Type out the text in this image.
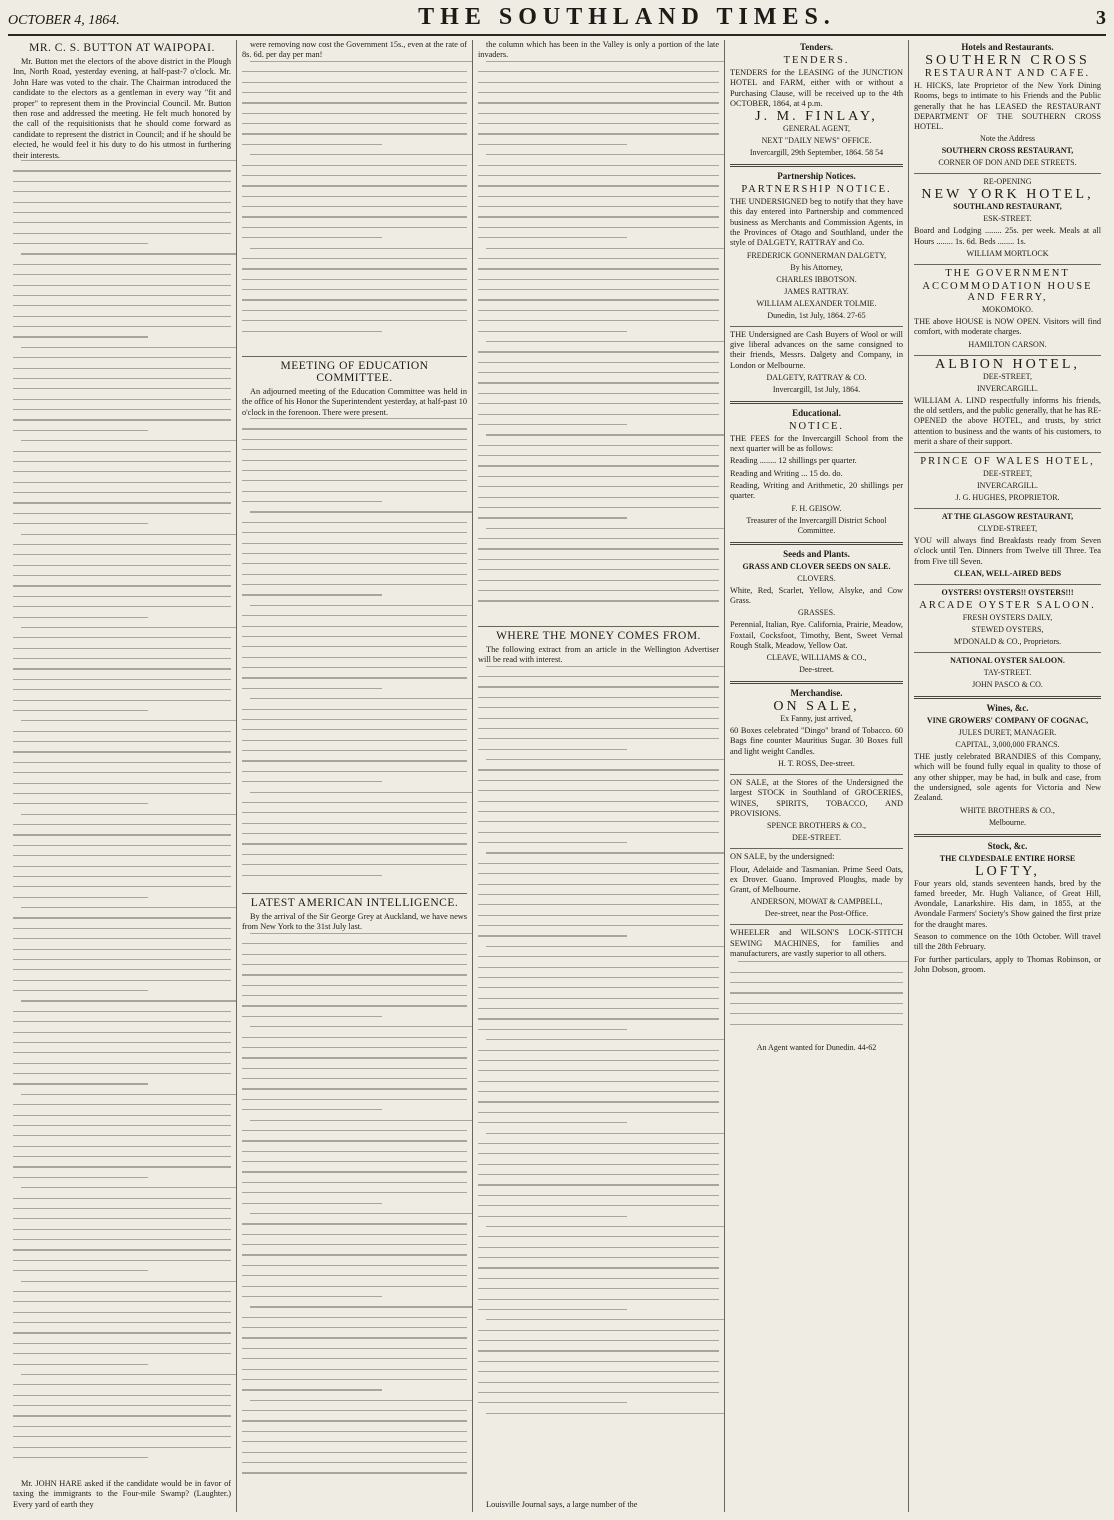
OCTOBER 4, 1864.	THE SOUTHLAND TIMES.	3
MR. C. S. BUTTON AT WAIPOPAI.

Mr. Button met the electors of the above district in the Plough Inn, North Road, yesterday evening, at half-past-7 o'clock. Mr. John Hare was voted to the chair. The Chairman introduced the candidate to the electors as a gentleman in every way "fit and proper" to represent them in the Provincial Council. Mr. Button then rose and addressed the meeting. He felt much honored by the call of the requisitionists that he should come forward as candidate to represent the district in Council; and if he should be elected, he would feel it his duty to do his utmost in furthering their interests.

Mr. JOHN HARE asked if the candidate would be in favor of taxing the immigrants to the Four-mile Swamp? (Laughter.) Every yard of earth they

were removing now cost the Government 15s., even at the rate of 8s. 6d. per day per man!

MEETING OF EDUCATION COMMITTEE.

An adjourned meeting of the Education Committee was held in the office of his Honor the Superintendent yesterday, at half-past 10 o'clock in the forenoon. There were present.

LATEST AMERICAN INTELLIGENCE.

By the arrival of the Sir George Grey at Auckland, we have news from New York to the 31st July last.

the column which has been in the Valley is only a portion of the late invaders.

WHERE THE MONEY COMES FROM.

The following extract from an article in the Wellington Advertiser will be read with interest.

Louisville Journal says, a large number of the

Tenders.
TENDERS.

TENDERS for the LEASING of the JUNCTION HOTEL and FARM, either with or without a Purchasing Clause, will be received up to the 4th OCTOBER, 1864, at 4 p.m.

J. M. FINLAY,
GENERAL AGENT,
NEXT "DAILY NEWS" OFFICE.
Invercargill, 29th September, 1864. 58 54
Partnership Notices.
PARTNERSHIP NOTICE.

THE UNDERSIGNED beg to notify that they have this day entered into Partnership and commenced business as Merchants and Commission Agents, in the Provinces of Otago and Southland, under the style of DALGETY, RATTRAY and Co.

FREDERICK GONNERMAN DALGETY,
By his Attorney,
CHARLES IBBOTSON.
JAMES RATTRAY.
WILLIAM ALEXANDER TOLMIE.
Dunedin, 1st July, 1864. 27-65

THE Undersigned are Cash Buyers of Wool or will give liberal advances on the same consigned to their friends, Messrs. Dalgety and Company, in London or Melbourne.

DALGETY, RATTRAY & CO.
Invercargill, 1st July, 1864.
Educational.
NOTICE.

THE FEES for the Invercargill School from the next quarter will be as follows:

Reading ........ 12 shillings per quarter.

Reading and Writing ... 15 do. do.

Reading, Writing and Arithmetic, 20 shillings per quarter.

F. H. GEISOW.
Treasurer of the Invercargill District School Committee.
Seeds and Plants.
GRASS AND CLOVER SEEDS ON SALE.
CLOVERS.

White, Red, Scarlet, Yellow, Alsyke, and Cow Grass.

GRASSES.

Perennial, Italian, Rye. California, Prairie, Meadow, Foxtail, Cocksfoot, Timothy, Bent, Sweet Vernal Rough Stalk, Meadow, Yellow Oat.

CLEAVE, WILLIAMS & CO.,
Dee-street.
Merchandise.
ON SALE,
Ex Fanny, just arrived,

60 Boxes celebrated "Dingo" brand of Tobacco. 60 Bags fine counter Mauritius Sugar. 30 Boxes full and light weight Candles.

H. T. ROSS, Dee-street.

ON SALE, at the Stores of the Undersigned the largest STOCK in Southland of GROCERIES, WINES, SPIRITS, TOBACCO, AND PROVISIONS.

SPENCE BROTHERS & CO.,
DEE-STREET.

ON SALE, by the undersigned:

Flour, Adelaide and Tasmanian. Prime Seed Oats, ex Drover. Guano. Improved Ploughs, made by Grant, of Melbourne.

ANDERSON, MOWAT & CAMPBELL,
Dee-street, near the Post-Office.

WHEELER and WILSON'S LOCK-STITCH SEWING MACHINES, for families and manufacturers, are vastly superior to all others.

An Agent wanted for Dunedin. 44-62
Hotels and Restaurants.
SOUTHERN CROSS
RESTAURANT AND CAFE.

H. HICKS, late Proprietor of the New York Dining Rooms, begs to intimate to his Friends and the Public generally that he has LEASED the RESTAURANT DEPARTMENT OF THE SOUTHERN CROSS HOTEL.

Note the Address
SOUTHERN CROSS RESTAURANT,
CORNER OF DON AND DEE STREETS.
RE-OPENING
NEW YORK HOTEL,
SOUTHLAND RESTAURANT,
ESK-STREET.

Board and Lodging ........ 25s. per week. Meals at all Hours ........ 1s. 6d. Beds ........ 1s.

WILLIAM MORTLOCK
THE GOVERNMENT
ACCOMMODATION HOUSE AND FERRY,
MOKOMOKO.

THE above HOUSE is NOW OPEN. Visitors will find comfort, with moderate charges.

HAMILTON CARSON.
ALBION HOTEL,
DEE-STREET,
INVERCARGILL.

WILLIAM A. LIND respectfully informs his friends, the old settlers, and the public generally, that he has RE-OPENED the above HOTEL, and trusts, by strict attention to business and the wants of his customers, to merit a share of their support.

PRINCE OF WALES HOTEL,
DEE-STREET,
INVERCARGILL.
J. G. HUGHES, PROPRIETOR.
AT THE GLASGOW RESTAURANT,
CLYDE-STREET,

YOU will always find Breakfasts ready from Seven o'clock until Ten. Dinners from Twelve till Three. Tea from Five till Seven.

CLEAN, WELL-AIRED BEDS
OYSTERS! OYSTERS!! OYSTERS!!!
ARCADE OYSTER SALOON.
FRESH OYSTERS DAILY,
STEWED OYSTERS,
M'DONALD & CO., Proprietors.
NATIONAL OYSTER SALOON.
TAY-STREET.
JOHN PASCO & CO.
Wines, &c.
VINE GROWERS' COMPANY OF COGNAC,
JULES DURET, MANAGER.
CAPITAL, 3,000,000 FRANCS.

THE justly celebrated BRANDIES of this Company, which will be found fully equal in quality to those of any other shipper, may be had, in bulk and case, from the undersigned, sole agents for Victoria and New Zealand.

WHITE BROTHERS & CO.,
Melbourne.
Stock, &c.
THE CLYDESDALE ENTIRE HORSE
LOFTY,

Four years old, stands seventeen hands, bred by the famed breeder, Mr. Hugh Valiance, of Great Hill, Avondale, Lanarkshire. His dam, in 1855, at the Avondale Farmers' Society's Show gained the first prize for the draught mares.

Season to commence on the 10th October. Will travel till the 28th February.

For further particulars, apply to Thomas Robinson, or John Dobson, groom.
